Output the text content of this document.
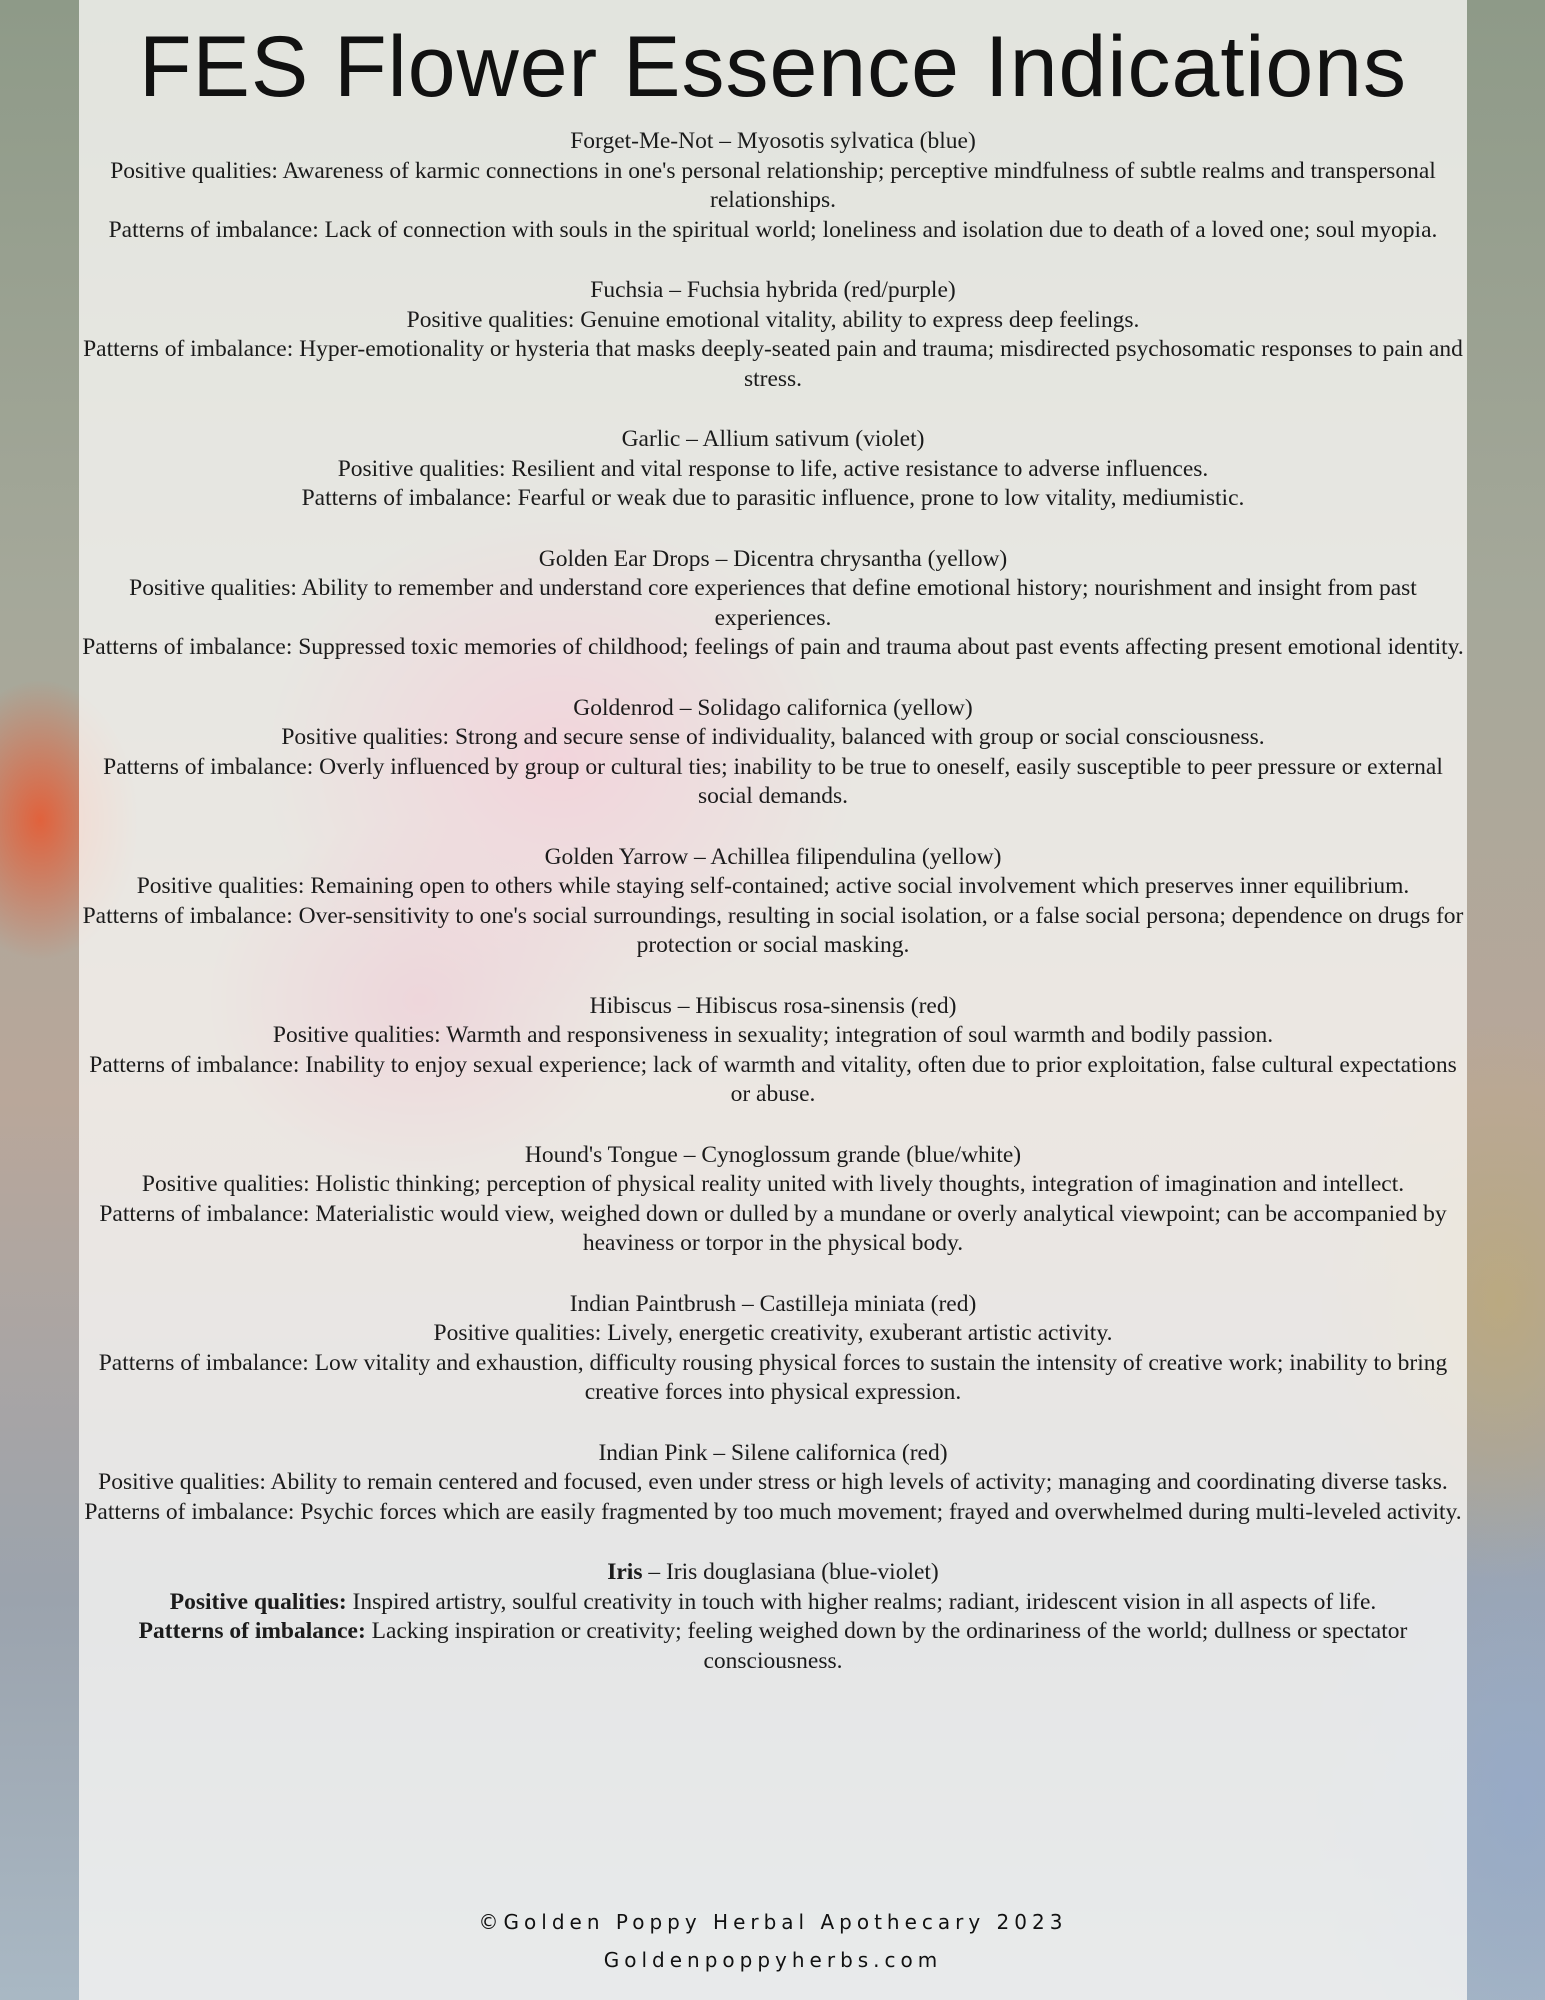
FES Flower Essence Indications

Forget-Me-Not – Myosotis sylvatica (blue)

Positive qualities: Awareness of karmic connections in one's personal relationship; perceptive mindfulness of subtle realms and transpersonal relationships.

Patterns of imbalance: Lack of connection with souls in the spiritual world; loneliness and isolation due to death of a loved one; soul myopia.

Fuchsia – Fuchsia hybrida (red/purple)

Positive qualities: Genuine emotional vitality, ability to express deep feelings.

Patterns of imbalance: Hyper-emotionality or hysteria that masks deeply-seated pain and trauma; misdirected psychosomatic responses to pain and stress.

Garlic – Allium sativum (violet)

Positive qualities: Resilient and vital response to life, active resistance to adverse influences.

Patterns of imbalance: Fearful or weak due to parasitic influence, prone to low vitality, mediumistic.

Golden Ear Drops – Dicentra chrysantha (yellow)

Positive qualities: Ability to remember and understand core experiences that define emotional history; nourishment and insight from past experiences.

Patterns of imbalance: Suppressed toxic memories of childhood; feelings of pain and trauma about past events affecting present emotional identity.

Goldenrod – Solidago californica (yellow)

Positive qualities: Strong and secure sense of individuality, balanced with group or social consciousness.

Patterns of imbalance: Overly influenced by group or cultural ties; inability to be true to oneself, easily susceptible to peer pressure or external social demands.

Golden Yarrow – Achillea filipendulina (yellow)

Positive qualities: Remaining open to others while staying self-contained; active social involvement which preserves inner equilibrium.

Patterns of imbalance: Over-sensitivity to one's social surroundings, resulting in social isolation, or a false social persona; dependence on drugs for protection or social masking.

Hibiscus – Hibiscus rosa-sinensis (red)

Positive qualities: Warmth and responsiveness in sexuality; integration of soul warmth and bodily passion.

Patterns of imbalance: Inability to enjoy sexual experience; lack of warmth and vitality, often due to prior exploitation, false cultural expectations or abuse.

Hound's Tongue – Cynoglossum grande (blue/white)

Positive qualities: Holistic thinking; perception of physical reality united with lively thoughts, integration of imagination and intellect.

Patterns of imbalance: Materialistic would view, weighed down or dulled by a mundane or overly analytical viewpoint; can be accompanied by heaviness or torpor in the physical body.

Indian Paintbrush – Castilleja miniata (red)

Positive qualities: Lively, energetic creativity, exuberant artistic activity.

Patterns of imbalance: Low vitality and exhaustion, difficulty rousing physical forces to sustain the intensity of creative work; inability to bring creative forces into physical expression.

Indian Pink – Silene californica (red)

Positive qualities: Ability to remain centered and focused, even under stress or high levels of activity; managing and coordinating diverse tasks.

Patterns of imbalance: Psychic forces which are easily fragmented by too much movement; frayed and overwhelmed during multi-leveled activity.

Iris – Iris douglasiana (blue-violet)

Positive qualities: Inspired artistry, soulful creativity in touch with higher realms; radiant, iridescent vision in all aspects of life.

Patterns of imbalance: Lacking inspiration or creativity; feeling weighed down by the ordinariness of the world; dullness or spectator consciousness.

©Golden Poppy Herbal Apothecary 2023
Goldenpoppyherbs.com
